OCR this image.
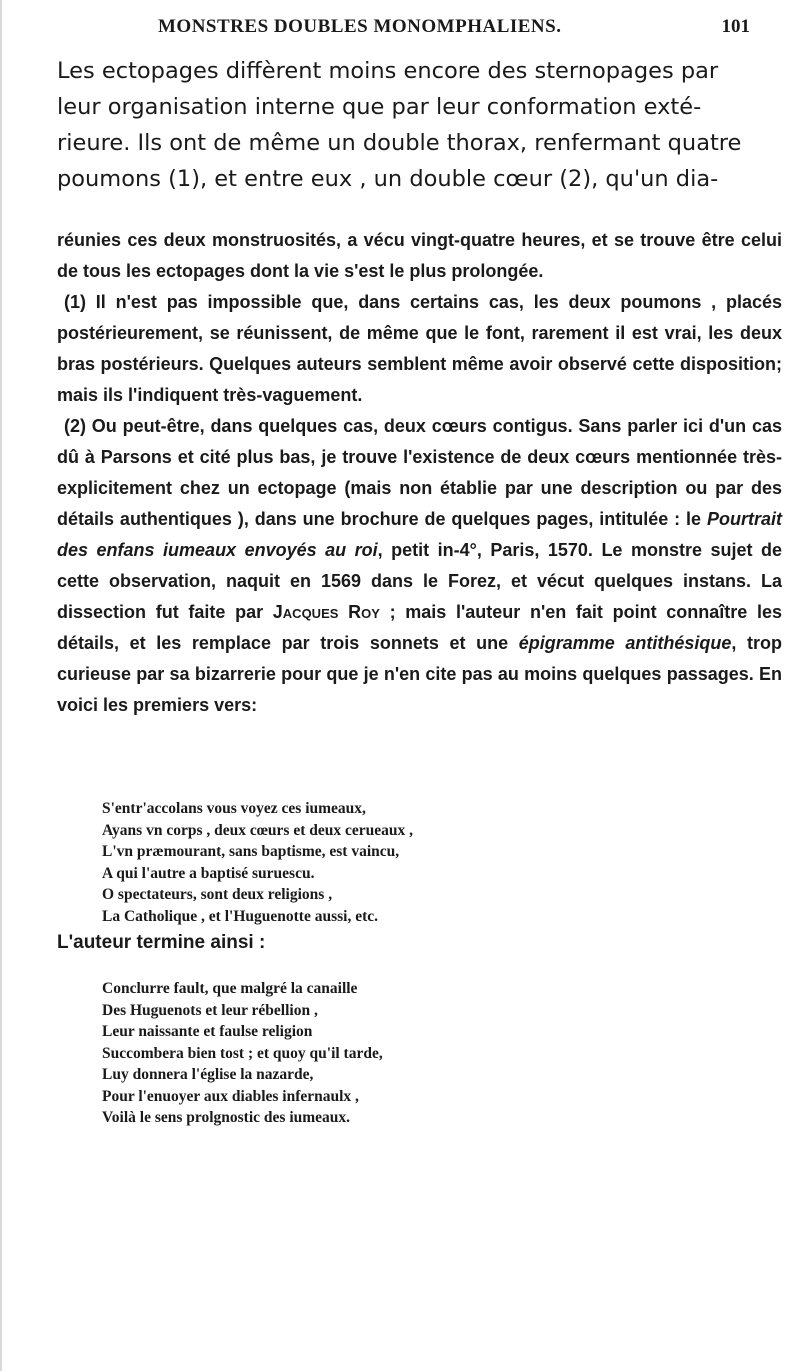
MONSTRES DOUBLES MONOMPHALIENS.	101
Les ectopages diffèrent moins encore des sternopages par
leur organisation interne que par leur conformation exté-
rieure. Ils ont de même un double thorax, renfermant quatre
poumons (1), et entre eux , un double cœur (2), qu'un dia-

réunies ces deux monstruosités, a vécu vingt-quatre heures, et se trouve être celui de tous les ectopages dont la vie s'est le plus prolongée.

(1) Il n'est pas impossible que, dans certains cas, les deux poumons , placés postérieurement, se réunissent, de même que le font, rarement il est vrai, les deux bras postérieurs. Quelques auteurs semblent même avoir observé cette disposition; mais ils l'indiquent très-vaguement.

(2) Ou peut-être, dans quelques cas, deux cœurs contigus. Sans parler ici d'un cas dû à Parsons et cité plus bas, je trouve l'existence de deux cœurs mentionnée très-explicitement chez un ectopage (mais non établie par une description ou par des détails authentiques ), dans une brochure de quelques pages, intitulée : le Pourtrait des enfans iumeaux envoyés au roi, petit in-4°, Paris, 1570. Le monstre sujet de cette observation, naquit en 1569 dans le Forez, et vécut quelques instans. La dissection fut faite par Jacques Roy ; mais l'auteur n'en fait point connaître les détails, et les remplace par trois sonnets et une épigramme antithésique, trop curieuse par sa bizarrerie pour que je n'en cite pas au moins quelques passages. En voici les premiers vers:

S'entr'accolans vous voyez ces iumeaux,
Ayans vn corps , deux cœurs et deux cerueaux ,
L'vn præmourant, sans baptisme, est vaincu,
A qui l'autre a baptisé suruescu.
O spectateurs, sont deux religions ,
La Catholique , et l'Huguenotte aussi, etc.
L'auteur termine ainsi :
Conclurre fault, que malgré la canaille
Des Huguenots et leur rébellion ,
Leur naissante et faulse religion
Succombera bien tost ; et quoy qu'il tarde,
Luy donnera l'église la nazarde,
Pour l'enuoyer aux diables infernaulx ,
Voilà le sens prolgnostic des iumeaux.
